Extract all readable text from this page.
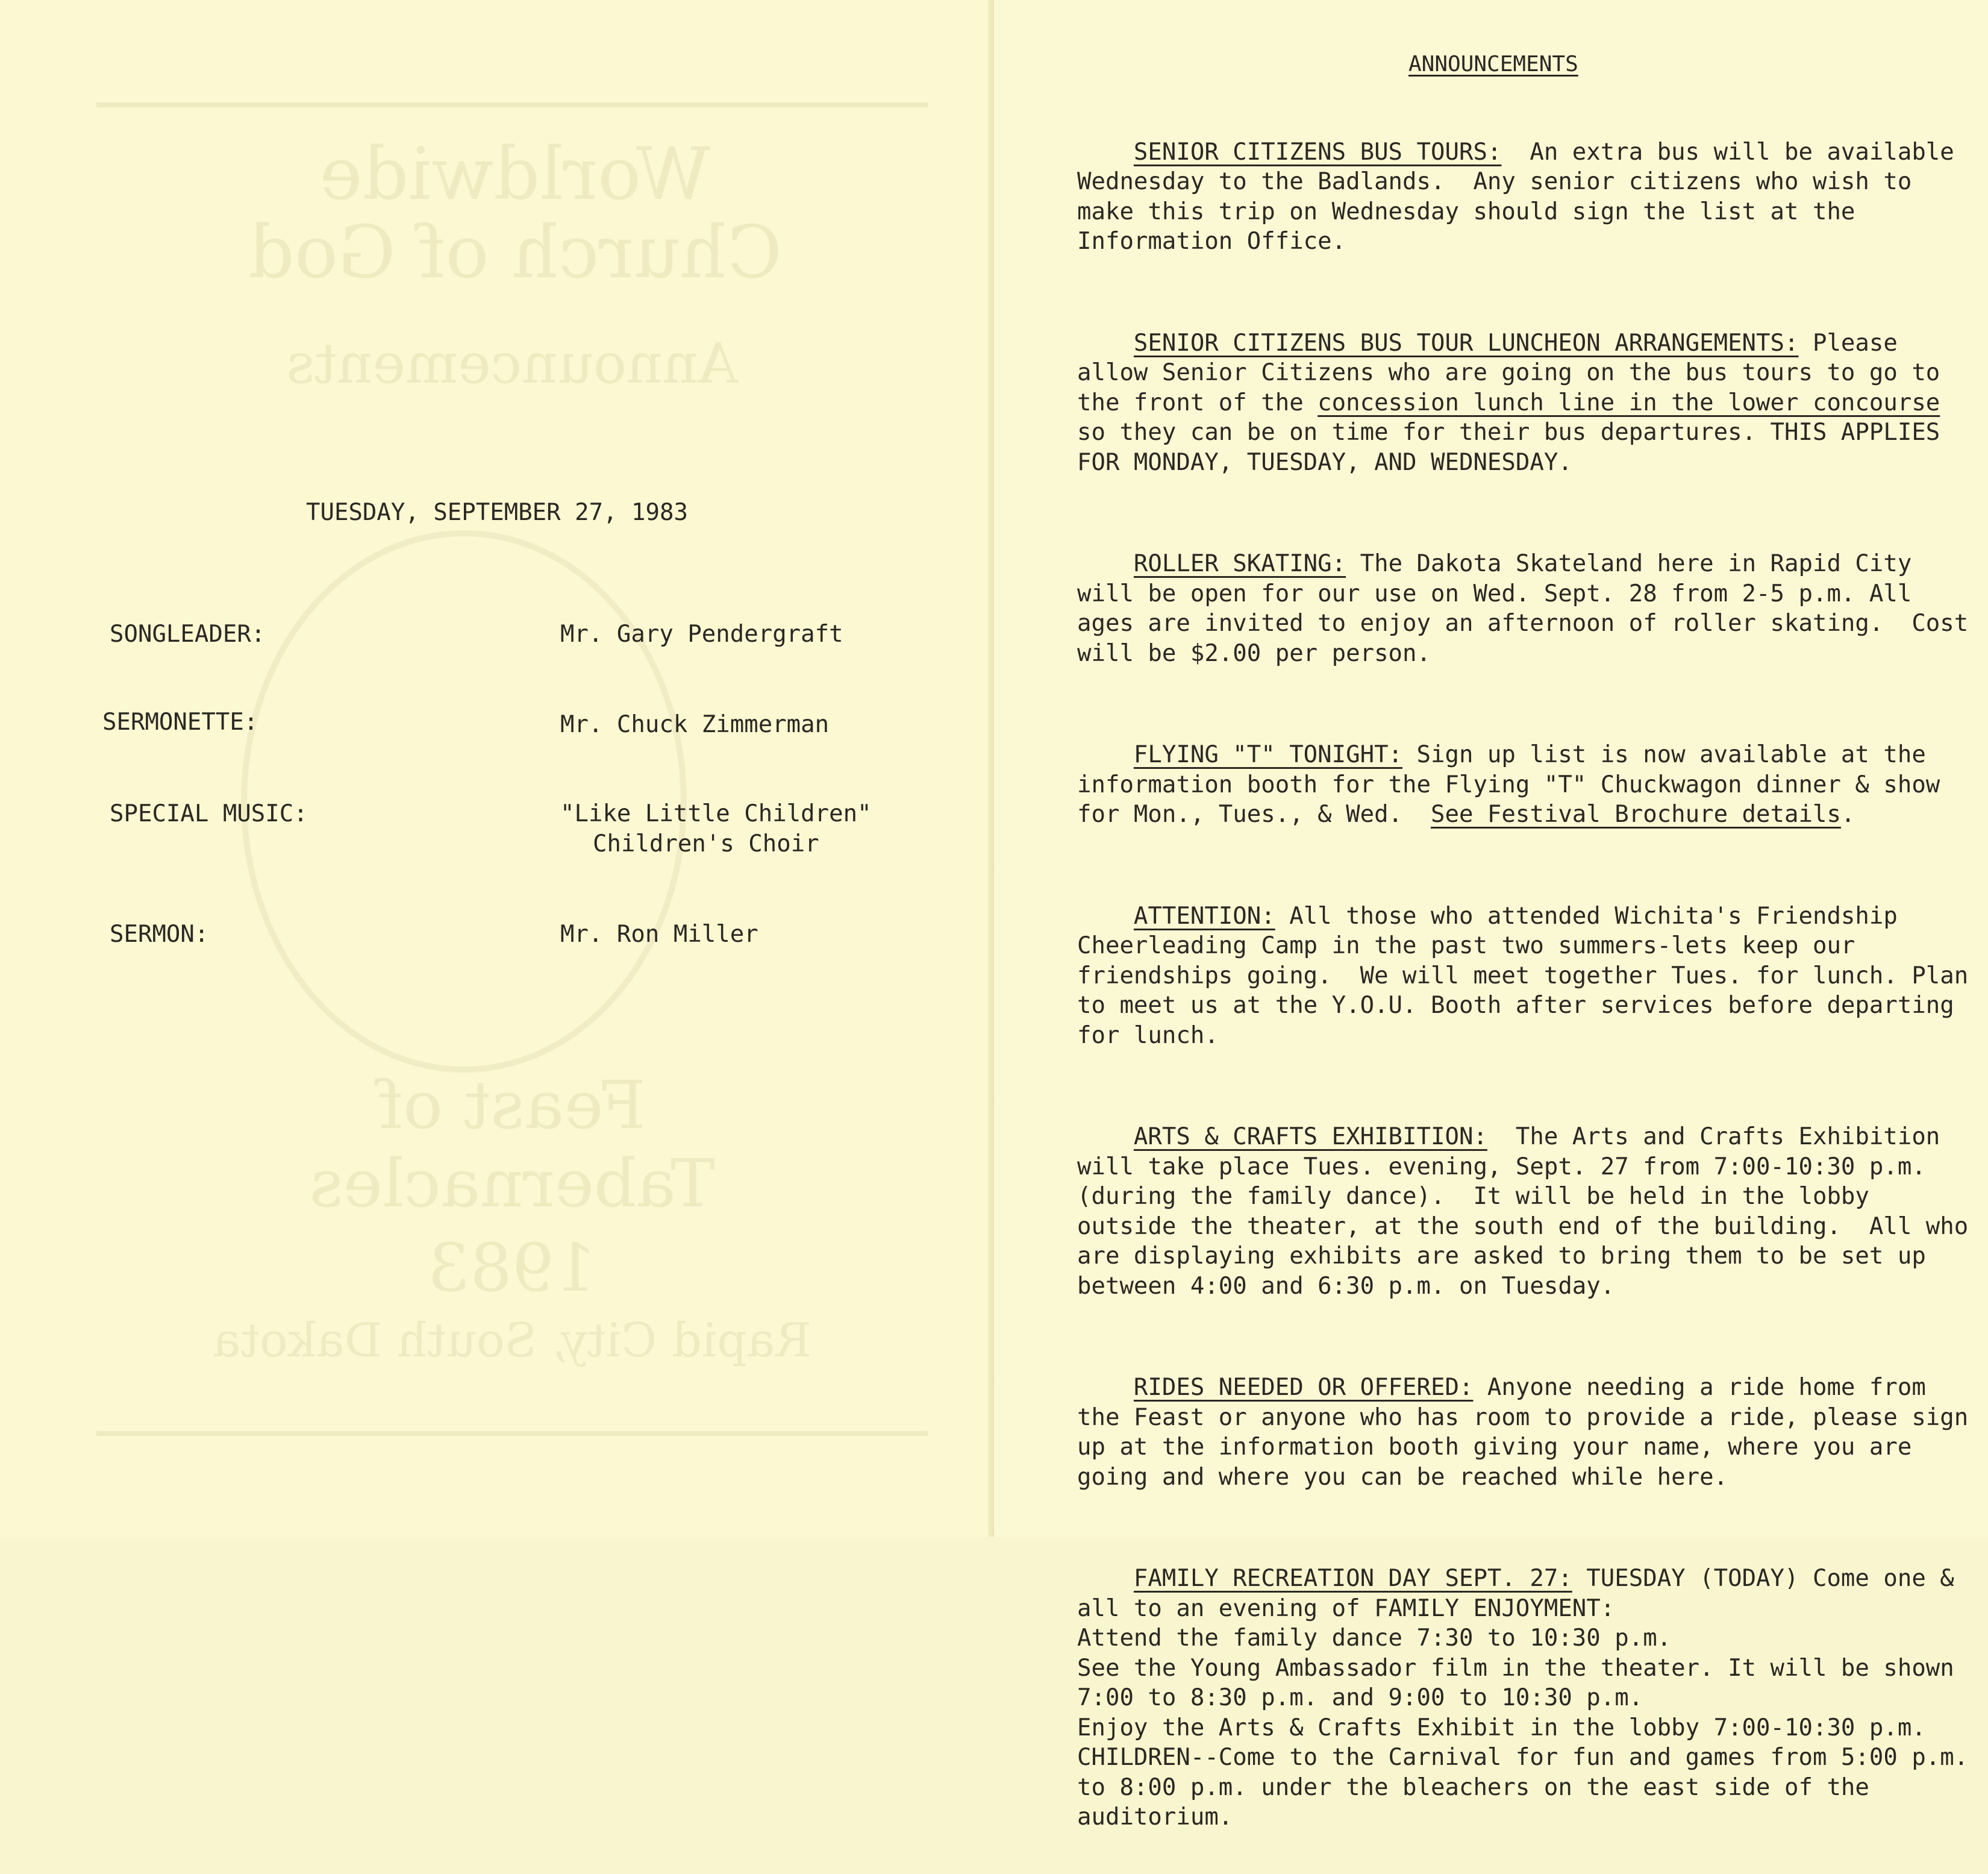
Worldwide
Church of God
Announcements
Feast of
Tabernacles
1983
Rapid City, South Dakota
TUESDAY, SEPTEMBER 27, 1983
SONGLEADER:	Mr. Gary Pendergraft
SERMONETTE:	Mr. Chuck Zimmerman
SPECIAL MUSIC:	"Like Little Children"
Children's Choir
SERMON:	Mr. Ron Miller
ANNOUNCEMENTS

SENIOR CITIZENS BUS TOURS:  An extra bus will be available Wednesday to the Badlands.  Any senior citizens who wish to make this trip on Wednesday should sign the list at the Information Office.

SENIOR CITIZENS BUS TOUR LUNCHEON ARRANGEMENTS: Please allow Senior Citizens who are going on the bus tours to go to the front of the concession lunch line in the lower concourse so they can be on time for their bus departures. THIS APPLIES FOR MONDAY, TUESDAY, AND WEDNESDAY.

ROLLER SKATING: The Dakota Skateland here in Rapid City will be open for our use on Wed. Sept. 28 from 2-5 p.m. All ages are invited to enjoy an afternoon of roller skating.  Cost will be $2.00 per person.

FLYING "T" TONIGHT: Sign up list is now available at the information booth for the Flying "T" Chuckwagon dinner & show for Mon., Tues., & Wed.  See Festival Brochure details.

ATTENTION: All those who attended Wichita's Friendship Cheerleading Camp in the past two summers-lets keep our friendships going.  We will meet together Tues. for lunch. Plan to meet us at the Y.O.U. Booth after services before departing for lunch.

ARTS & CRAFTS EXHIBITION:  The Arts and Crafts Exhibition will take place Tues. evening, Sept. 27 from 7:00-10:30 p.m. (during the family dance).  It will be held in the lobby outside the theater, at the south end of the building.  All who are displaying exhibits are asked to bring them to be set up between 4:00 and 6:30 p.m. on Tuesday.

RIDES NEEDED OR OFFERED: Anyone needing a ride home from the Feast or anyone who has room to provide a ride, please sign up at the information booth giving your name, where you are going and where you can be reached while here.

FAMILY RECREATION DAY SEPT. 27: TUESDAY (TODAY) Come one & all to an evening of FAMILY ENJOYMENT:
Attend the family dance 7:30 to 10:30 p.m.
See the Young Ambassador film in the theater. It will be shown 7:00 to 8:30 p.m. and 9:00 to 10:30 p.m.
Enjoy the Arts & Crafts Exhibit in the lobby 7:00-10:30 p.m.
CHILDREN--Come to the Carnival for fun and games from 5:00 p.m. to 8:00 p.m. under the bleachers on the east side of the auditorium.
